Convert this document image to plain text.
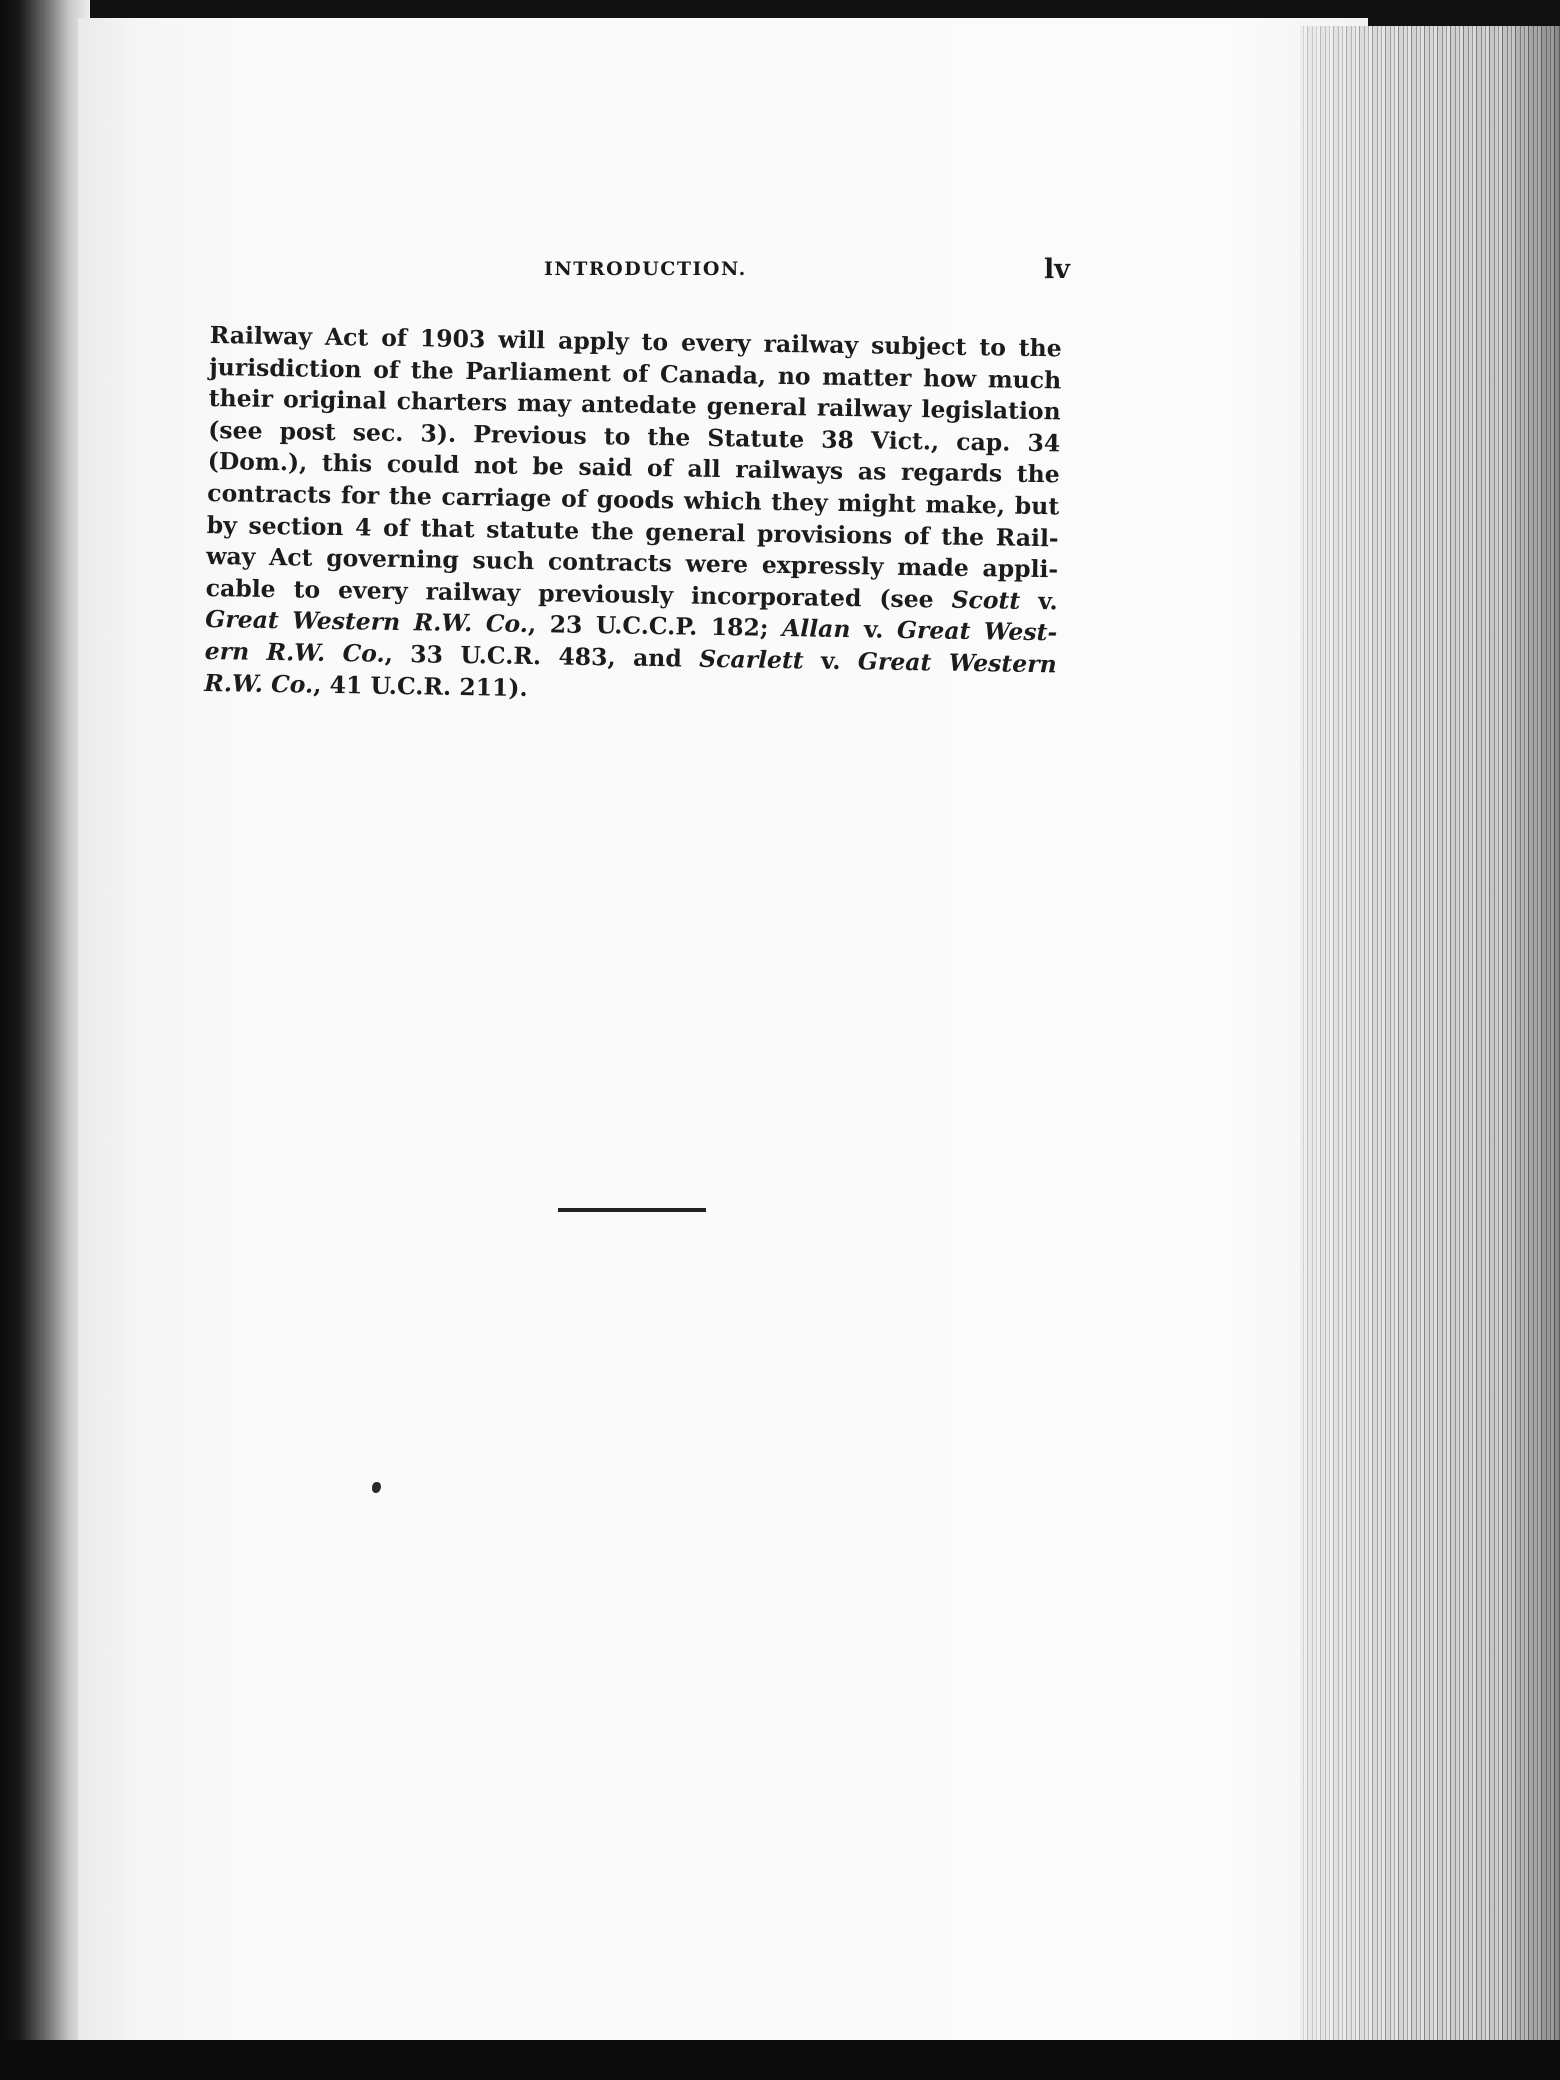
INTRODUCTION.	lv
Railway Act of 1903 will apply to every railway subject to the
jurisdiction of the Parliament of Canada, no matter how much
their original charters may antedate general railway legislation
(see post sec. 3). Previous to the Statute 38 Vict., cap. 34
(Dom.), this could not be said of all railways as regards the
contracts for the carriage of goods which they might make, but
by section 4 of that statute the general provisions of the Rail-
way Act governing such contracts were expressly made appli-
cable to every railway previously incorporated (see Scott v.
Great Western R.W. Co., 23 U.C.C.P. 182; Allan v. Great West-
ern R.W. Co., 33 U.C.R. 483, and Scarlett v. Great Western
R.W. Co., 41 U.C.R. 211).
